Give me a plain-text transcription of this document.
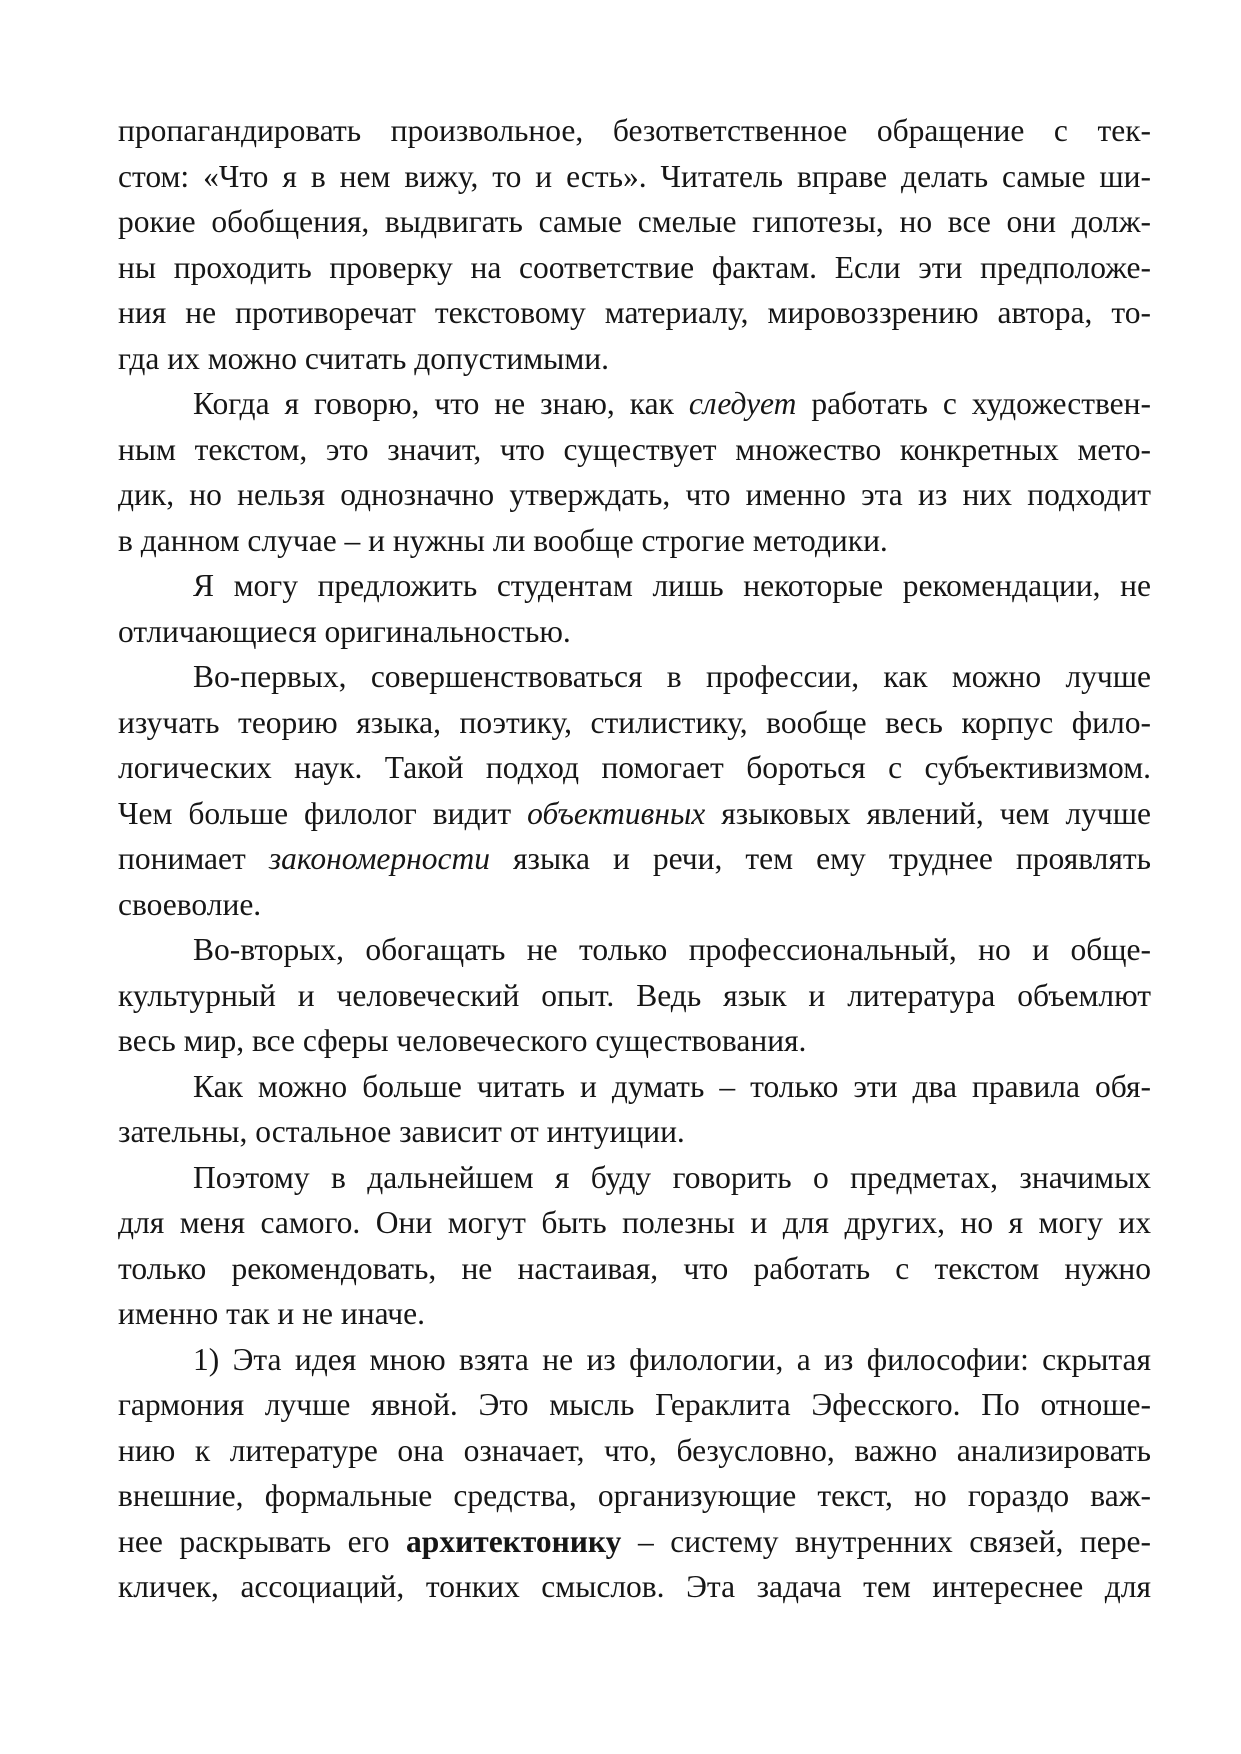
пропагандировать произвольное, безответственное обращение с тек-
стом: «Что я в нем вижу, то и есть». Читатель вправе делать самые ши-
рокие обобщения, выдвигать самые смелые гипотезы, но все они долж-
ны проходить проверку на соответствие фактам. Если эти предположе-
ния не противоречат текстовому материалу, мировоззрению автора, то-
гда их можно считать допустимыми.
Когда я говорю, что не знаю, как следует работать с художествен-
ным текстом, это значит, что существует множество конкретных мето-
дик, но нельзя однозначно утверждать, что именно эта из них подходит
в данном случае – и нужны ли вообще строгие методики.
Я могу предложить студентам лишь некоторые рекомендации, не
отличающиеся оригинальностью.
Во-первых, совершенствоваться в профессии, как можно лучше
изучать теорию языка, поэтику, стилистику, вообще весь корпус фило-
логических наук. Такой подход помогает бороться с субъективизмом.
Чем больше филолог видит объективных языковых явлений, чем лучше
понимает закономерности языка и речи, тем ему труднее проявлять
своеволие.
Во-вторых, обогащать не только профессиональный, но и обще-
культурный и человеческий опыт. Ведь язык и литература объемлют
весь мир, все сферы человеческого существования.
Как можно больше читать и думать – только эти два правила обя-
зательны, остальное зависит от интуиции.
Поэтому в дальнейшем я буду говорить о предметах, значимых
для меня самого. Они могут быть полезны и для других, но я могу их
только рекомендовать, не настаивая, что работать с текстом нужно
именно так и не иначе.
1) Эта идея мною взята не из филологии, а из философии: скрытая
гармония лучше явной. Это мысль Гераклита Эфесского. По отноше-
нию к литературе она означает, что, безусловно, важно анализировать
внешние, формальные средства, организующие текст, но гораздо важ-
нее раскрывать его архитектонику – систему внутренних связей, пере-
кличек, ассоциаций, тонких смыслов. Эта задача тем интереснее для
